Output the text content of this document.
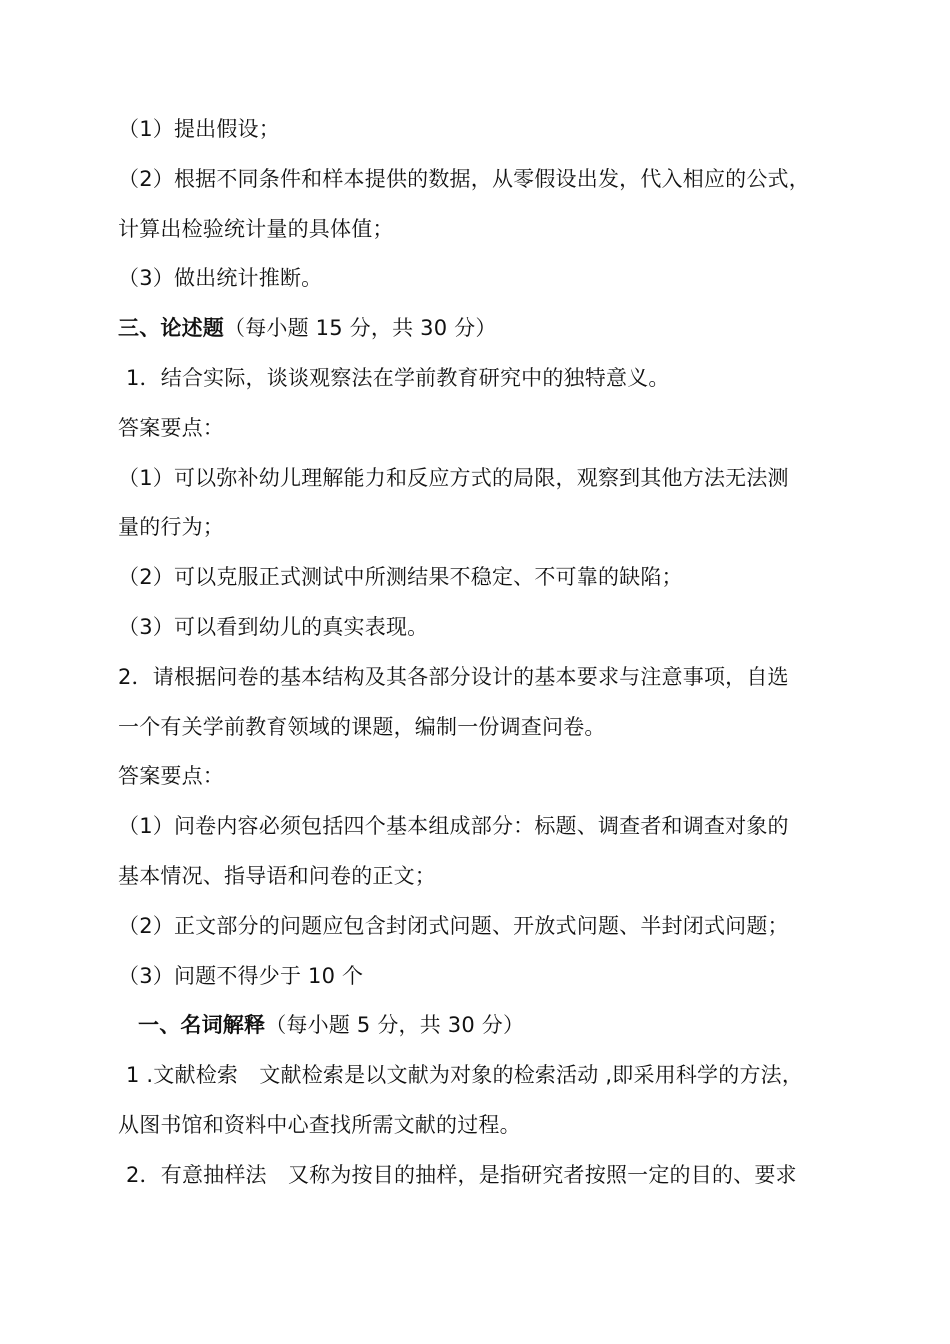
（1）提出假设；
（2）根据不同条件和样本提供的数据，从零假设出发，代入相应的公式，
计算出检验统计量的具体值；
（3）做出统计推断。
三、论述题（每小题 15 分，共 30 分）
1．结合实际，谈谈观察法在学前教育研究中的独特意义。
答案要点：
（1）可以弥补幼儿理解能力和反应方式的局限，观察到其他方法无法测
量的行为；
（2）可以克服正式测试中所测结果不稳定、不可靠的缺陷；
（3）可以看到幼儿的真实表现。
2．请根据问卷的基本结构及其各部分设计的基本要求与注意事项，自选
一个有关学前教育领域的课题，编制一份调查问卷。
答案要点：
（1）问卷内容必须包括四个基本组成部分：标题、调查者和调查对象的
基本情况、指导语和问卷的正文；
（2）正文部分的问题应包含封闭式问题、开放式问题、半封闭式问题；
（3）问题不得少于 10 个
一、名词解释（每小题 5 分，共 30 分）
1 .文献检索　文献检索是以文献为对象的检索活动 ,即采用科学的方法，
从图书馆和资料中心查找所需文献的过程。
2．有意抽样法　又称为按目的抽样，是指研究者按照一定的目的、要求
